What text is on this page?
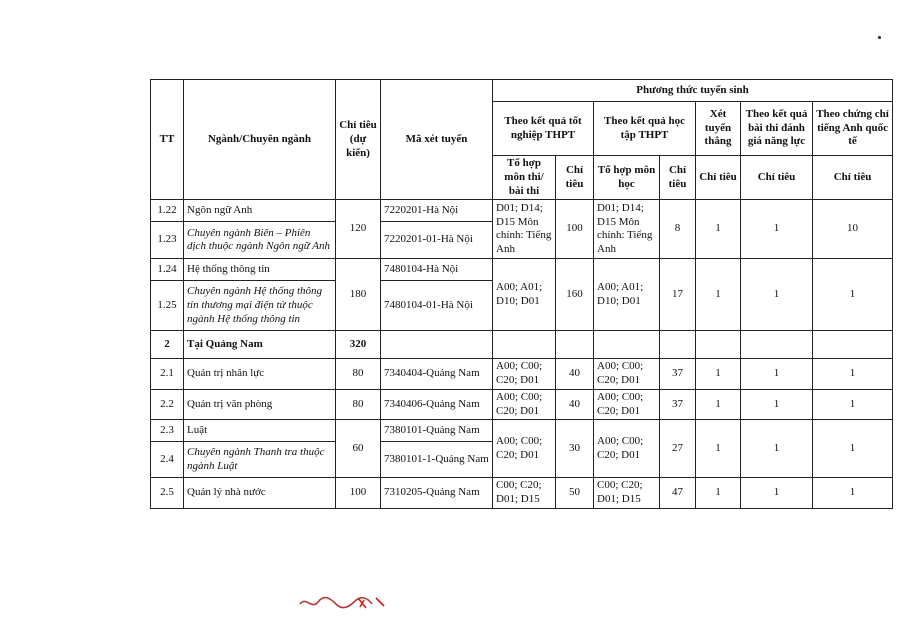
TT	Ngành/Chuyên ngành	Chỉ tiêu (dự kiến)	Mã xét tuyển	Phương thức tuyển sinh						
				Theo kết quả tốt nghiệp THPT		Theo kết quả học tập THPT		Xét tuyển thẳng	Theo kết quả bài thi đánh giá năng lực	Theo chứng chỉ tiếng Anh quốc tế
				Tổ hợp môn thi/ bài thi	Chỉ tiêu	Tổ hợp môn học	Chỉ tiêu	Chỉ tiêu	Chỉ tiêu	Chỉ tiêu
1.22	Ngôn ngữ Anh	120	7220201-Hà Nội	D01; D14; D15 Môn chính: Tiếng Anh	100	D01; D14; D15 Môn chính: Tiếng Anh	8	1	1	10
1.23	Chuyên ngành Biên – Phiên dịch thuộc ngành Ngôn ngữ Anh		7220201-01-Hà Nội							
1.24	Hệ thống thông tin	180	7480104-Hà Nội	A00; A01; D10; D01	160	A00; A01; D10; D01	17	1	1	1
1.25	Chuyên ngành Hệ thống thông tin thương mại điện tử thuộc ngành Hệ thống thông tin		7480104-01-Hà Nội							
2	Tại Quảng Nam	320								
2.1	Quản trị nhân lực	80	7340404-Quảng Nam	A00; C00; C20; D01	40	A00; C00; C20; D01	37	1	1	1
2.2	Quản trị văn phòng	80	7340406-Quảng Nam	A00; C00; C20; D01	40	A00; C00; C20; D01	37	1	1	1
2.3	Luật	60	7380101-Quảng Nam	A00; C00; C20; D01	30	A00; C00; C20; D01	27	1	1	1
2.4	Chuyên ngành Thanh tra thuộc ngành Luật		7380101-1-Quảng Nam							
2.5	Quản lý nhà nước	100	7310205-Quảng Nam	C00; C20; D01; D15	50	C00; C20; D01; D15	47	1	1	1
